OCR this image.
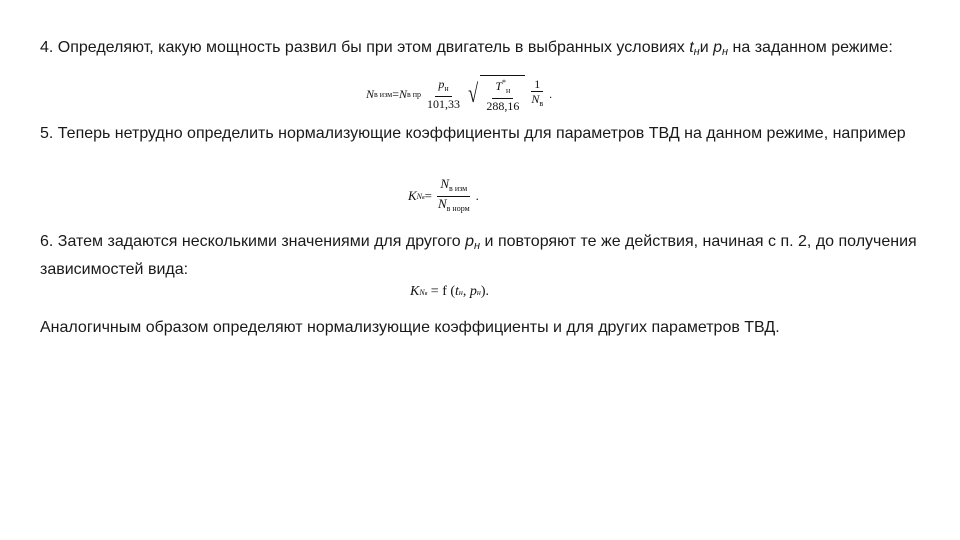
4. Определяют, какую мощность развил бы при этом двигатель в выбранных условиях $t_ни$ $p_н$ на заданном режиме:

N в изм = N в пр $\frac{p_н}{101,33}$ √ $\frac{T^*_н}{288,16} \frac{1}{N_в}$ .

5. Теперь нетрудно определить нормализующие коэффициенты для параметров ТВД на данном режиме, например

K Nв = $\frac{N_{в изм}}{N_{в норм}}$ .

6. Затем задаются несколькими значениями для другого $p_н$ и повторяют те же действия, начиная с п. 2, до получения зависимостей вида:

K Nв = f ( t н , p н ).

Аналогичным образом определяют нормализующие коэффициенты и для других параметров ТВД.
